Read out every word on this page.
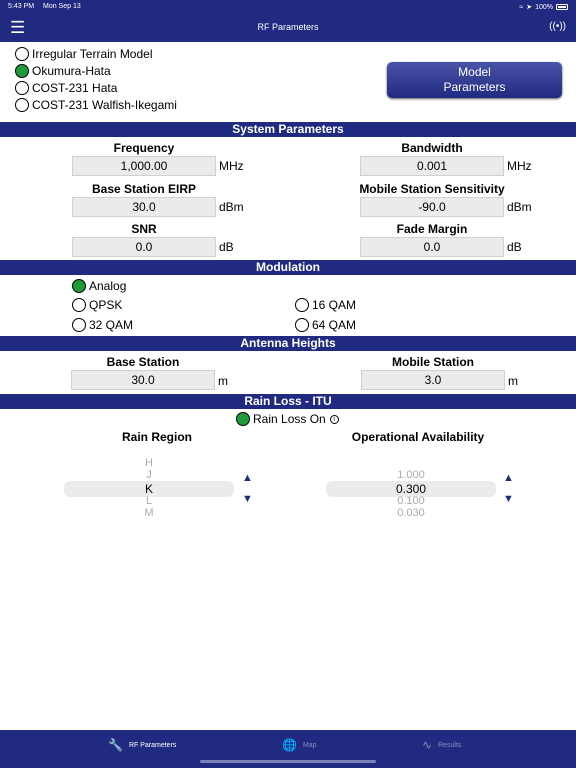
5:43 PM Mon Sep 13	≈ ➤ 100%
☰	RF Parameters	((•))
Irregular Terrain Model
Okumura-Hata
COST-231 Hata
COST-231 Walfish-Ikegami
Model
Parameters
System Parameters
Frequency
1,000.00	MHz
Bandwidth
0.001	MHz
Base Station EIRP
30.0	dBm
Mobile Station Sensitivity
-90.0	dBm
SNR
0.0	dB
Fade Margin
0.0	dB
Modulation
Analog
QPSK	16 QAM
32 QAM	64 QAM
Antenna Heights
Base Station
30.0	m
Mobile Station
3.0	m
Rain Loss - ITU
Rain Loss On	i
Rain Region	Operational Availability
H
J
K
L
M
▲
▼
1.000
0.300
0.100
0.030
▲
▼
🔧 RF Parameters	🌐 Map	∿ Results
